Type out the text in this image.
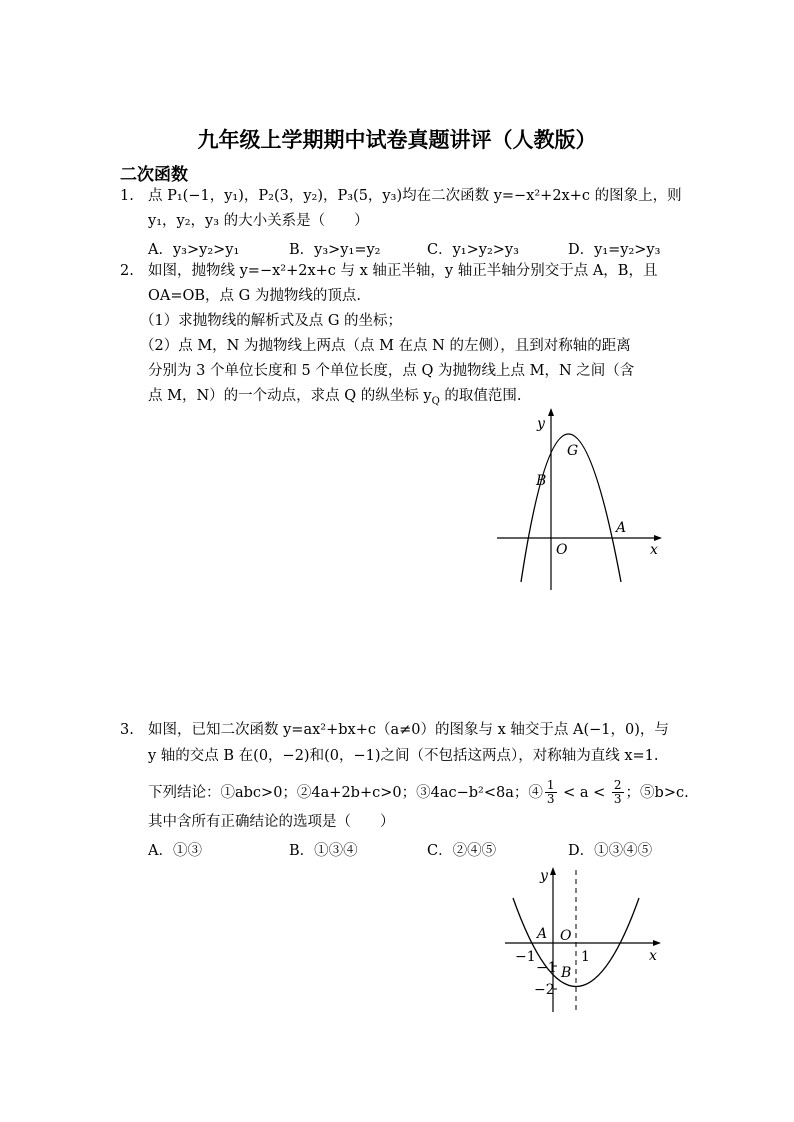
九年级上学期期中试卷真题讲评（人教版）
二次函数
1. 点 P₁(−1，y₁)，P₂(3，y₂)，P₃(5，y₃)均在二次函数 y=−x²+2x+c 的图象上，则
y₁，y₂，y₃ 的大小关系是（　　）
A．y₃>y₂>y₁	B．y₃>y₁=y₂	C．y₁>y₂>y₃	D．y₁=y₂>y₃
2. 如图，抛物线 y=−x²+2x+c 与 x 轴正半轴，y 轴正半轴分别交于点 A，B，且
OA=OB，点 G 为抛物线的顶点.
（1）求抛物线的解析式及点 G 的坐标；
（2）点 M，N 为抛物线上两点（点 M 在点 N 的左侧），且到对称轴的距离
分别为 3 个单位长度和 5 个单位长度，点 Q 为抛物线上点 M，N 之间（含
点 M，N）的一个动点，求点 Q 的纵坐标 $y_Q$ 的取值范围.
y
x
G
B
A
O
3. 如图，已知二次函数 y=ax²+bx+c（a≠0）的图象与 x 轴交于点 A(−1，0)，与
y 轴的交点 B 在(0，−2)和(0，−1)之间（不包括这两点），对称轴为直线 x=1.
下列结论：①abc>0；②4a+2b+c>0；③4ac−b²<8a；④ $\frac{1}{3} < a < \frac{2}{3}$ ；⑤b>c.
其中含所有正确结论的选项是（　　）
A．①③	B．①③④	C．②④⑤	D．①③④⑤
y
x
A O
B
−1	1
−1
−2
